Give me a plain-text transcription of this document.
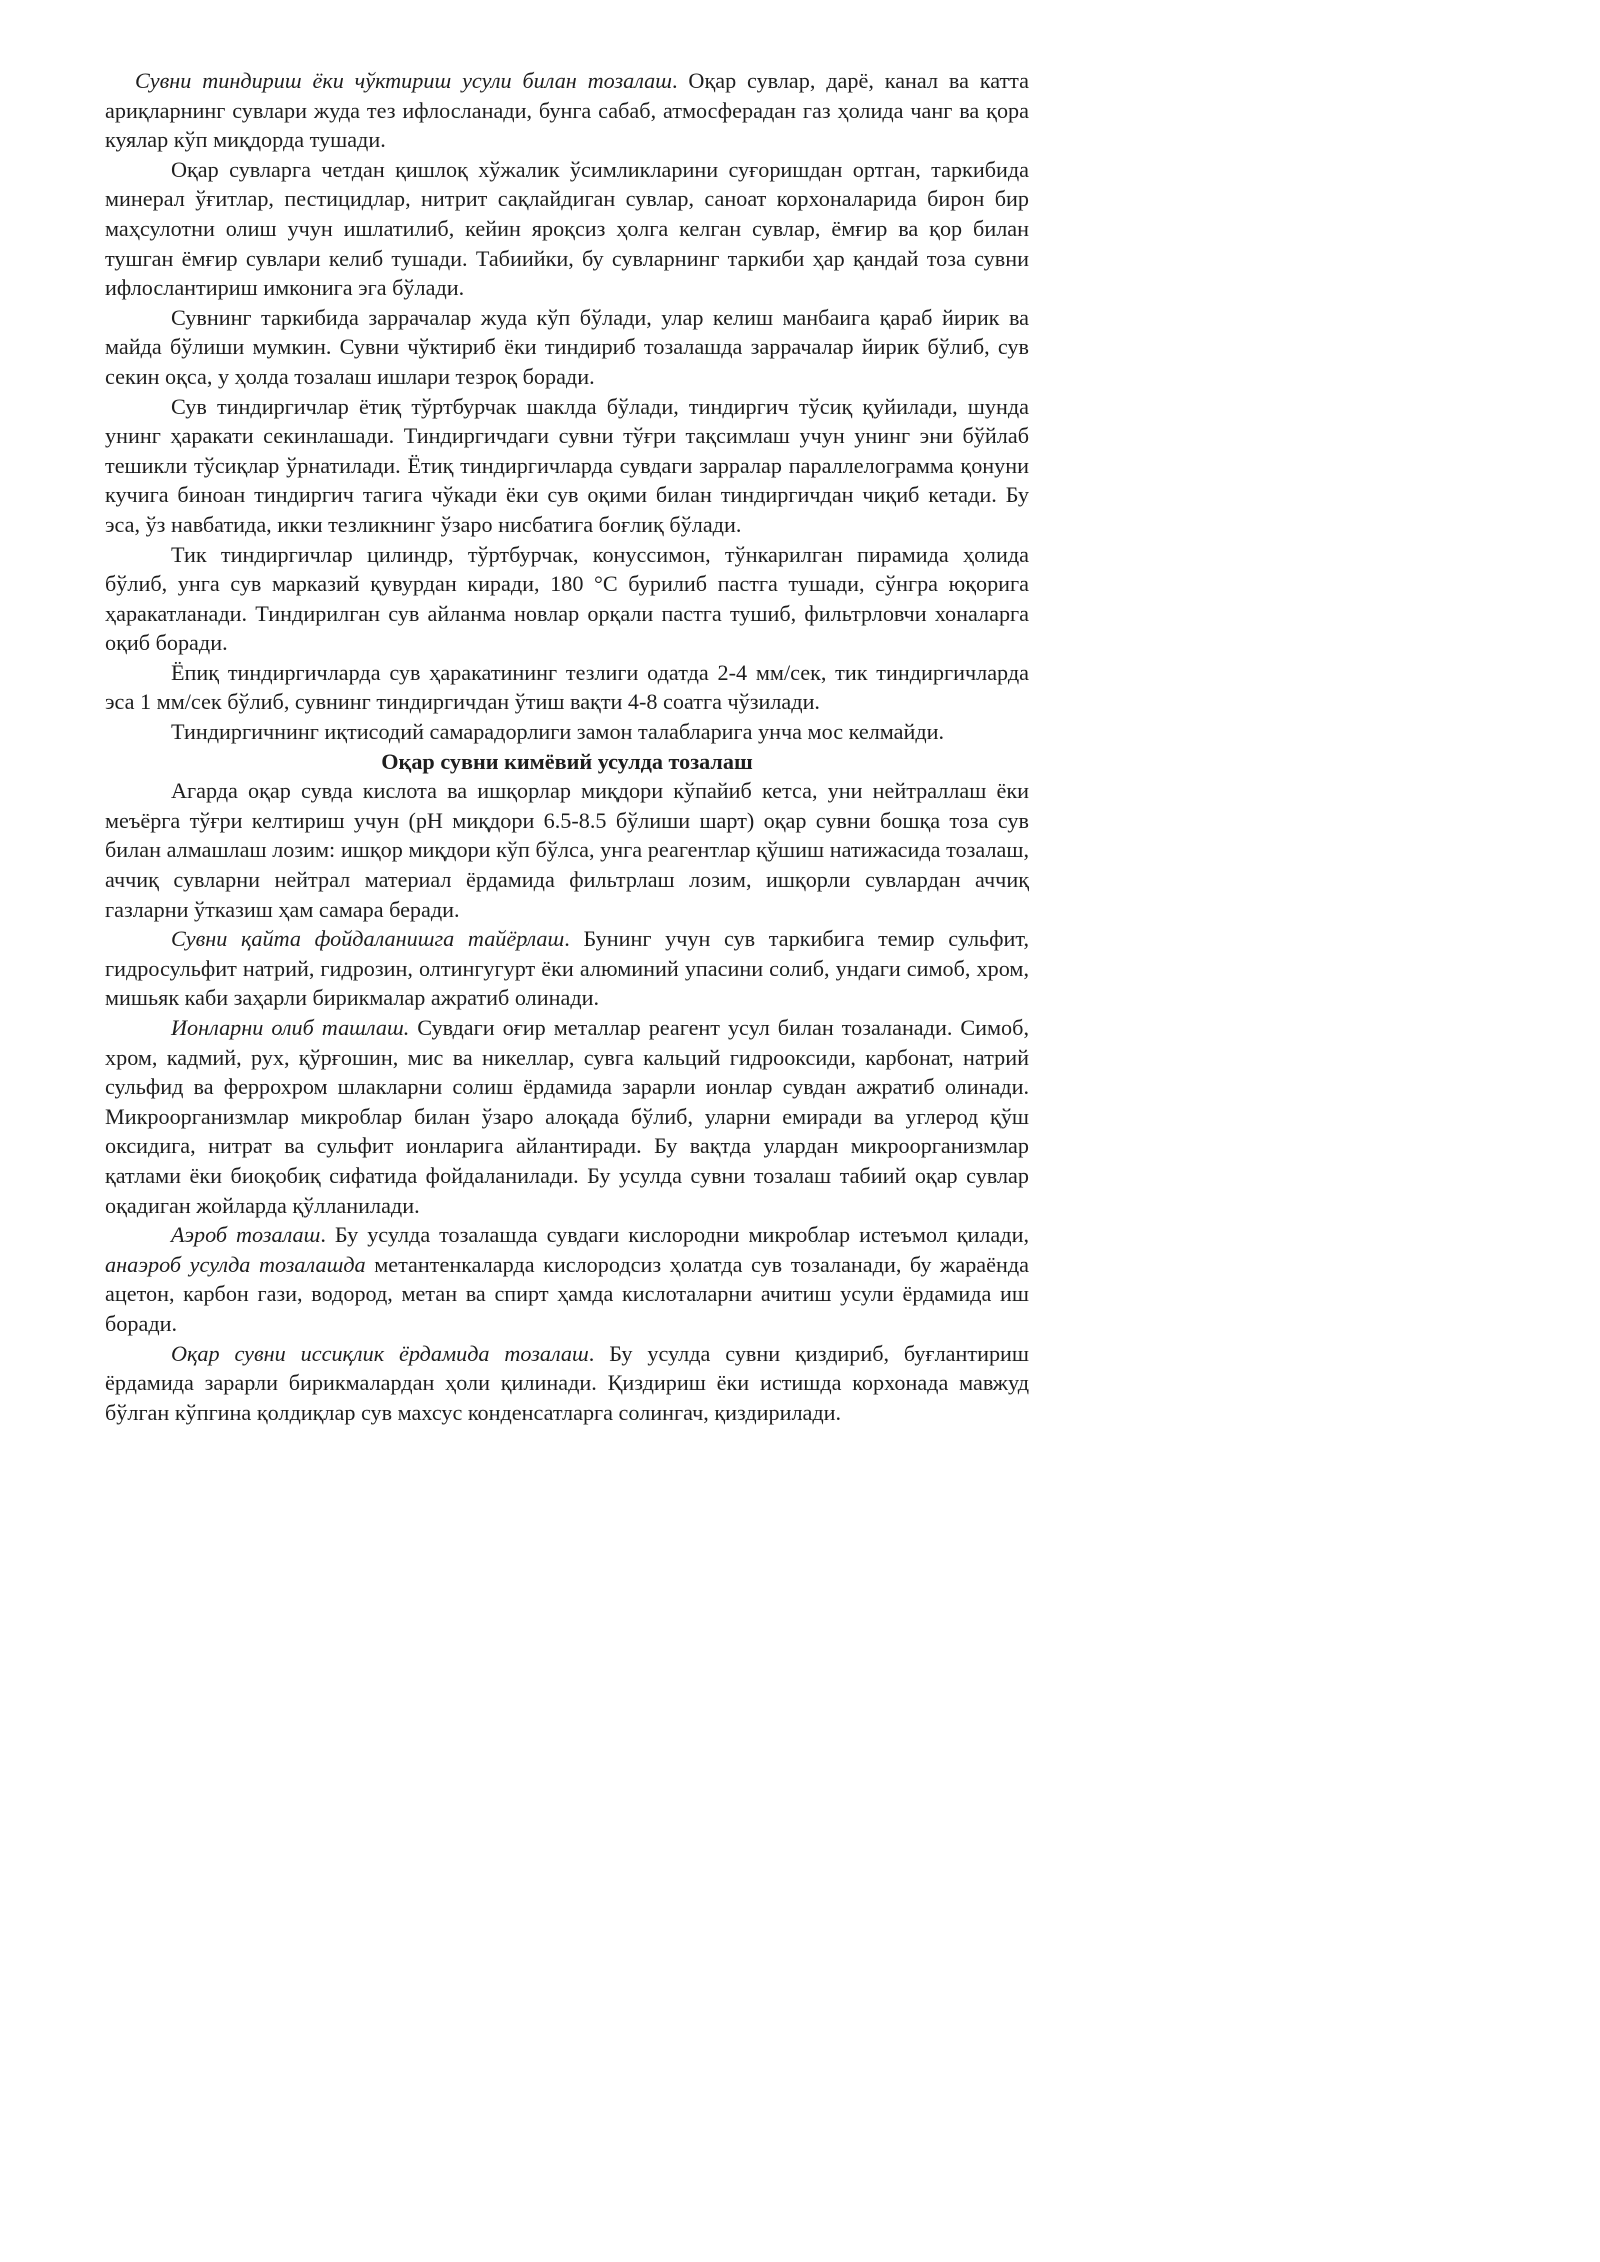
Сувни тиндириш ёки чўктириш усули билан тозалаш. Оқар сувлар, дарё, канал ва катта ариқларнинг сувлари жуда тез ифлосланади, бунга сабаб, атмосферадан газ ҳолида чанг ва қора куялар кўп миқдорда тушади.

Оқар сувларга четдан қишлоқ хўжалик ўсимликларини суғоришдан ортган, таркибида минерал ўғитлар, пестицидлар, нитрит сақлайдиган сувлар, саноат корхоналарида бирон бир маҳсулотни олиш учун ишлатилиб, кейин яроқсиз ҳолга келган сувлар, ёмғир ва қор билан тушган ёмғир сувлари келиб тушади. Табиийки, бу сувларнинг таркиби ҳар қандай тоза сувни ифлослантириш имконига эга бўлади.

Сувнинг таркибида заррачалар жуда кўп бўлади, улар келиш манбаига қараб йирик ва майда бўлиши мумкин. Сувни чўктириб ёки тиндириб тозалашда заррачалар йирик бўлиб, сув секин оқса, у ҳолда тозалаш ишлари тезроқ боради.

Сув тиндиргичлар ётиқ тўртбурчак шаклда бўлади, тиндиргич тўсиқ қуйилади, шунда унинг ҳаракати секинлашади. Тиндиргичдаги сувни тўғри тақсимлаш учун унинг эни бўйлаб тешикли тўсиқлар ўрнатилади. Ётиқ тиндиргичларда сувдаги зарралар параллелограмма қонуни кучига биноан тиндиргич тагига чўкади ёки сув оқими билан тиндиргичдан чиқиб кетади. Бу эса, ўз навбатида, икки тезликнинг ўзаро нисбатига боғлиқ бўлади.

Тик тиндиргичлар цилиндр, тўртбурчак, конуссимон, тўнкарилган пирамида ҳолида бўлиб, унга сув марказий қувурдан киради, 180 °С бурилиб пастга тушади, сўнгра юқорига ҳаракатланади. Тиндирилган сув айланма новлар орқали пастга тушиб, фильтрловчи хоналарга оқиб боради.

Ёпиқ тиндиргичларда сув ҳаракатининг тезлиги одатда 2-4 мм/сек, тик тиндиргичларда эса 1 мм/сек бўлиб, сувнинг тиндиргичдан ўтиш вақти 4-8 соатга чўзилади.

Тиндиргичнинг иқтисодий самарадорлиги замон талабларига унча мос келмайди.

Оқар сувни кимёвий усулда тозалаш

Агарда оқар сувда кислота ва ишқорлар миқдори кўпайиб кетса, уни нейтраллаш ёки меъёрга тўғри келтириш учун (рН миқдори 6.5-8.5 бўлиши шарт) оқар сувни бошқа тоза сув билан алмашлаш лозим: ишқор миқдори кўп бўлса, унга реагентлар қўшиш натижасида тозалаш, аччиқ сувларни нейтрал материал ёрдамида фильтрлаш лозим, ишқорли сувлардан аччиқ газларни ўтказиш ҳам самара беради.

Сувни қайта фойдаланишга тайёрлаш. Бунинг учун сув таркибига темир сульфит, гидросульфит натрий, гидрозин, олтингугурт ёки алюминий упасини солиб, ундаги симоб, хром, мишьяк каби заҳарли бирикмалар ажратиб олинади.

Ионларни олиб ташлаш. Сувдаги оғир металлар реагент усул билан тозаланади. Симоб, хром, кадмий, рух, қўрғошин, мис ва никеллар, сувга кальций гидрооксиди, карбонат, натрий сульфид ва феррохром шлакларни солиш ёрдамида зарарли ионлар сувдан ажратиб олинади. Микроорганизмлар микроблар билан ўзаро алоқада бўлиб, уларни емиради ва углерод қўш оксидига, нитрат ва сульфит ионларига айлантиради. Бу вақтда улардан микроорганизмлар қатлами ёки биоқобиқ сифатида фойдаланилади. Бу усулда сувни тозалаш табиий оқар сувлар оқадиган жойларда қўлланилади.

Аэроб тозалаш. Бу усулда тозалашда сувдаги кислородни микроблар истеъмол қилади, анаэроб усулда тозалашда метантенкаларда кислородсиз ҳолатда сув тозаланади, бу жараёнда ацетон, карбон гази, водород, метан ва спирт ҳамда кислоталарни ачитиш усули ёрдамида иш боради.

Оқар сувни иссиқлик ёрдамида тозалаш. Бу усулда сувни қиздириб, буғлантириш ёрдамида зарарли бирикмалардан ҳоли қилинади. Қиздириш ёки истишда корхонада мавжуд бўлган кўпгина қолдиқлар сув махсус конденсатларга солингач, қиздирилади.
